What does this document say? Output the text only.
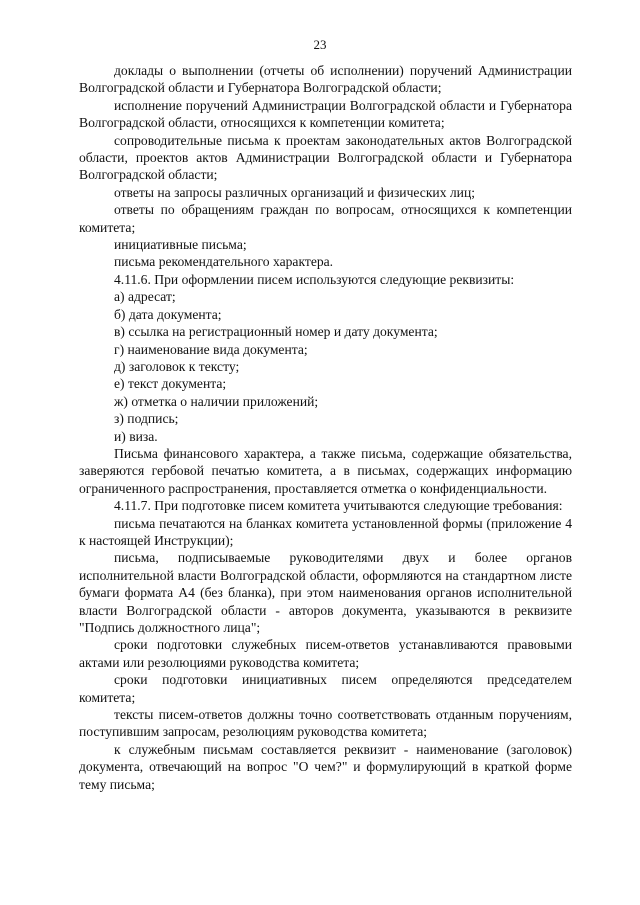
23

доклады о выполнении (отчеты об исполнении) поручений Администрации Волгоградской области и Губернатора Волгоградской области;

исполнение поручений Администрации Волгоградской области и Губернатора Волгоградской области, относящихся к компетенции комитета;

сопроводительные письма к проектам законодательных актов Волгоградской области, проектов актов Администрации Волгоградской области и Губернатора Волгоградской области;

ответы на запросы различных организаций и физических лиц;

ответы по обращениям граждан по вопросам, относящихся к компетенции комитета;

инициативные письма;

письма рекомендательного характера.

4.11.6. При оформлении писем используются следующие реквизиты:

а) адресат;

б) дата документа;

в) ссылка на регистрационный номер и дату документа;

г) наименование вида документа;

д) заголовок к тексту;

е) текст документа;

ж) отметка о наличии приложений;

з) подпись;

и) виза.

Письма финансового характера, а также письма, содержащие обязательства, заверяются гербовой печатью комитета, а в письмах, содержащих информацию ограниченного распространения, проставляется отметка о конфиденциальности.

4.11.7. При подготовке писем комитета учитываются следующие требования:

письма печатаются на бланках комитета установленной формы (приложение 4 к настоящей Инструкции);

письма, подписываемые руководителями двух и более органов исполнительной власти Волгоградской области, оформляются на стандартном листе бумаги формата А4 (без бланка), при этом наименования органов исполнительной власти Волгоградской области - авторов документа, указываются в реквизите "Подпись должностного лица";

сроки подготовки служебных писем-ответов устанавливаются правовыми актами или резолюциями руководства комитета;

сроки подготовки инициативных писем определяются председателем комитета;

тексты писем-ответов должны точно соответствовать отданным поручениям, поступившим запросам, резолюциям руководства комитета;

к служебным письмам составляется реквизит - наименование (заголовок) документа, отвечающий на вопрос "О чем?" и формулирующий в краткой форме тему письма;
